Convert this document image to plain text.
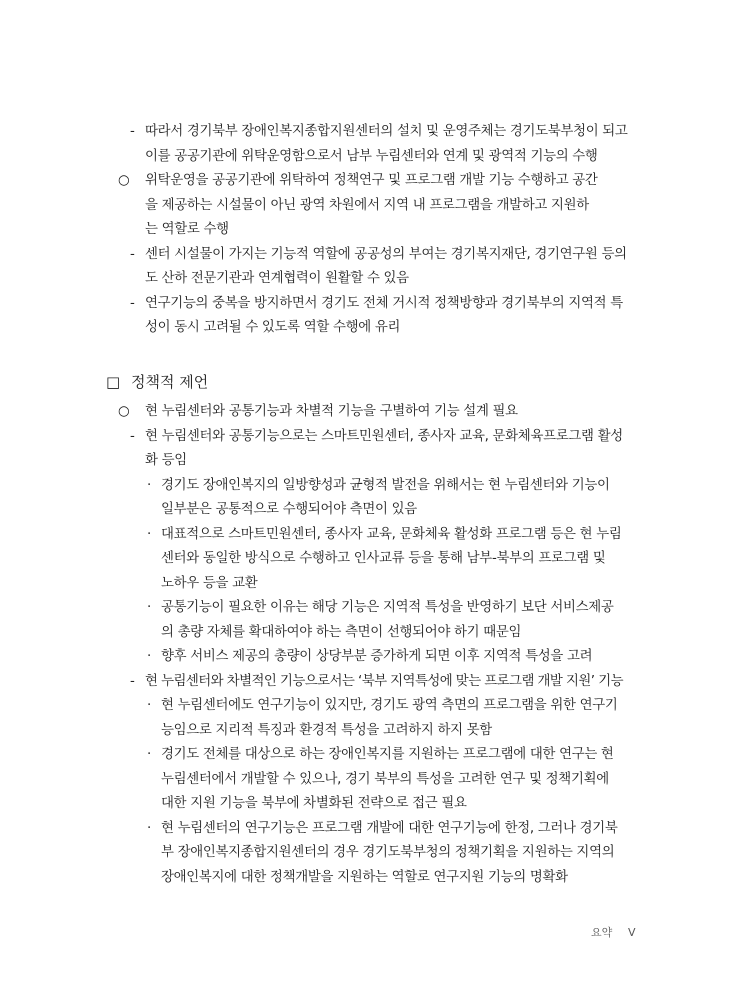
- 따라서 경기북부 장애인복지종합지원센터의 설치 및 운영주체는 경기도북부청이 되고
이를 공공기관에 위탁운영함으로서 남부 누림센터와 연계 및 광역적 기능의 수행
○ 위탁운영을 공공기관에 위탁하여 정책연구 및 프로그램 개발 기능 수행하고 공간
을 제공하는 시설물이 아닌 광역 차원에서 지역 내 프로그램을 개발하고 지원하
는 역할로 수행
- 센터 시설물이 가지는 기능적 역할에 공공성의 부여는 경기복지재단, 경기연구원 등의
도 산하 전문기관과 연계협력이 원활할 수 있음
- 연구기능의 중복을 방지하면서 경기도 전체 거시적 정책방향과 경기북부의 지역적 특
성이 동시 고려될 수 있도록 역할 수행에 유리
□ 정책적 제언
○ 현 누림센터와 공통기능과 차별적 기능을 구별하여 기능 설계 필요
- 현 누림센터와 공통기능으로는 스마트민원센터, 종사자 교육, 문화체육프로그램 활성
화 등임
· 경기도 장애인복지의 일방향성과 균형적 발전을 위해서는 현 누림센터와 기능이
일부분은 공통적으로 수행되어야 측면이 있음
· 대표적으로 스마트민원센터, 종사자 교육, 문화체육 활성화 프로그램 등은 현 누림
센터와 동일한 방식으로 수행하고 인사교류 등을 통해 남부-북부의 프로그램 및
노하우 등을 교환
· 공통기능이 필요한 이유는 해당 기능은 지역적 특성을 반영하기 보단 서비스제공
의 총량 자체를 확대하여야 하는 측면이 선행되어야 하기 때문임
· 향후 서비스 제공의 총량이 상당부분 증가하게 되면 이후 지역적 특성을 고려
- 현 누림센터와 차별적인 기능으로서는 ‘북부 지역특성에 맞는 프로그램 개발 지원’ 기능
· 현 누림센터에도 연구기능이 있지만, 경기도 광역 측면의 프로그램을 위한 연구기
능임으로 지리적 특징과 환경적 특성을 고려하지 하지 못함
· 경기도 전체를 대상으로 하는 장애인복지를 지원하는 프로그램에 대한 연구는 현
누림센터에서 개발할 수 있으나, 경기 북부의 특성을 고려한 연구 및 정책기획에
대한 지원 기능을 북부에 차별화된 전략으로 접근 필요
· 현 누림센터의 연구기능은 프로그램 개발에 대한 연구기능에 한정, 그러나 경기북
부 장애인복지종합지원센터의 경우 경기도북부청의 정책기획을 지원하는 지역의
장애인복지에 대한 정책개발을 지원하는 역할로 연구지원 기능의 명확화
요약 V
